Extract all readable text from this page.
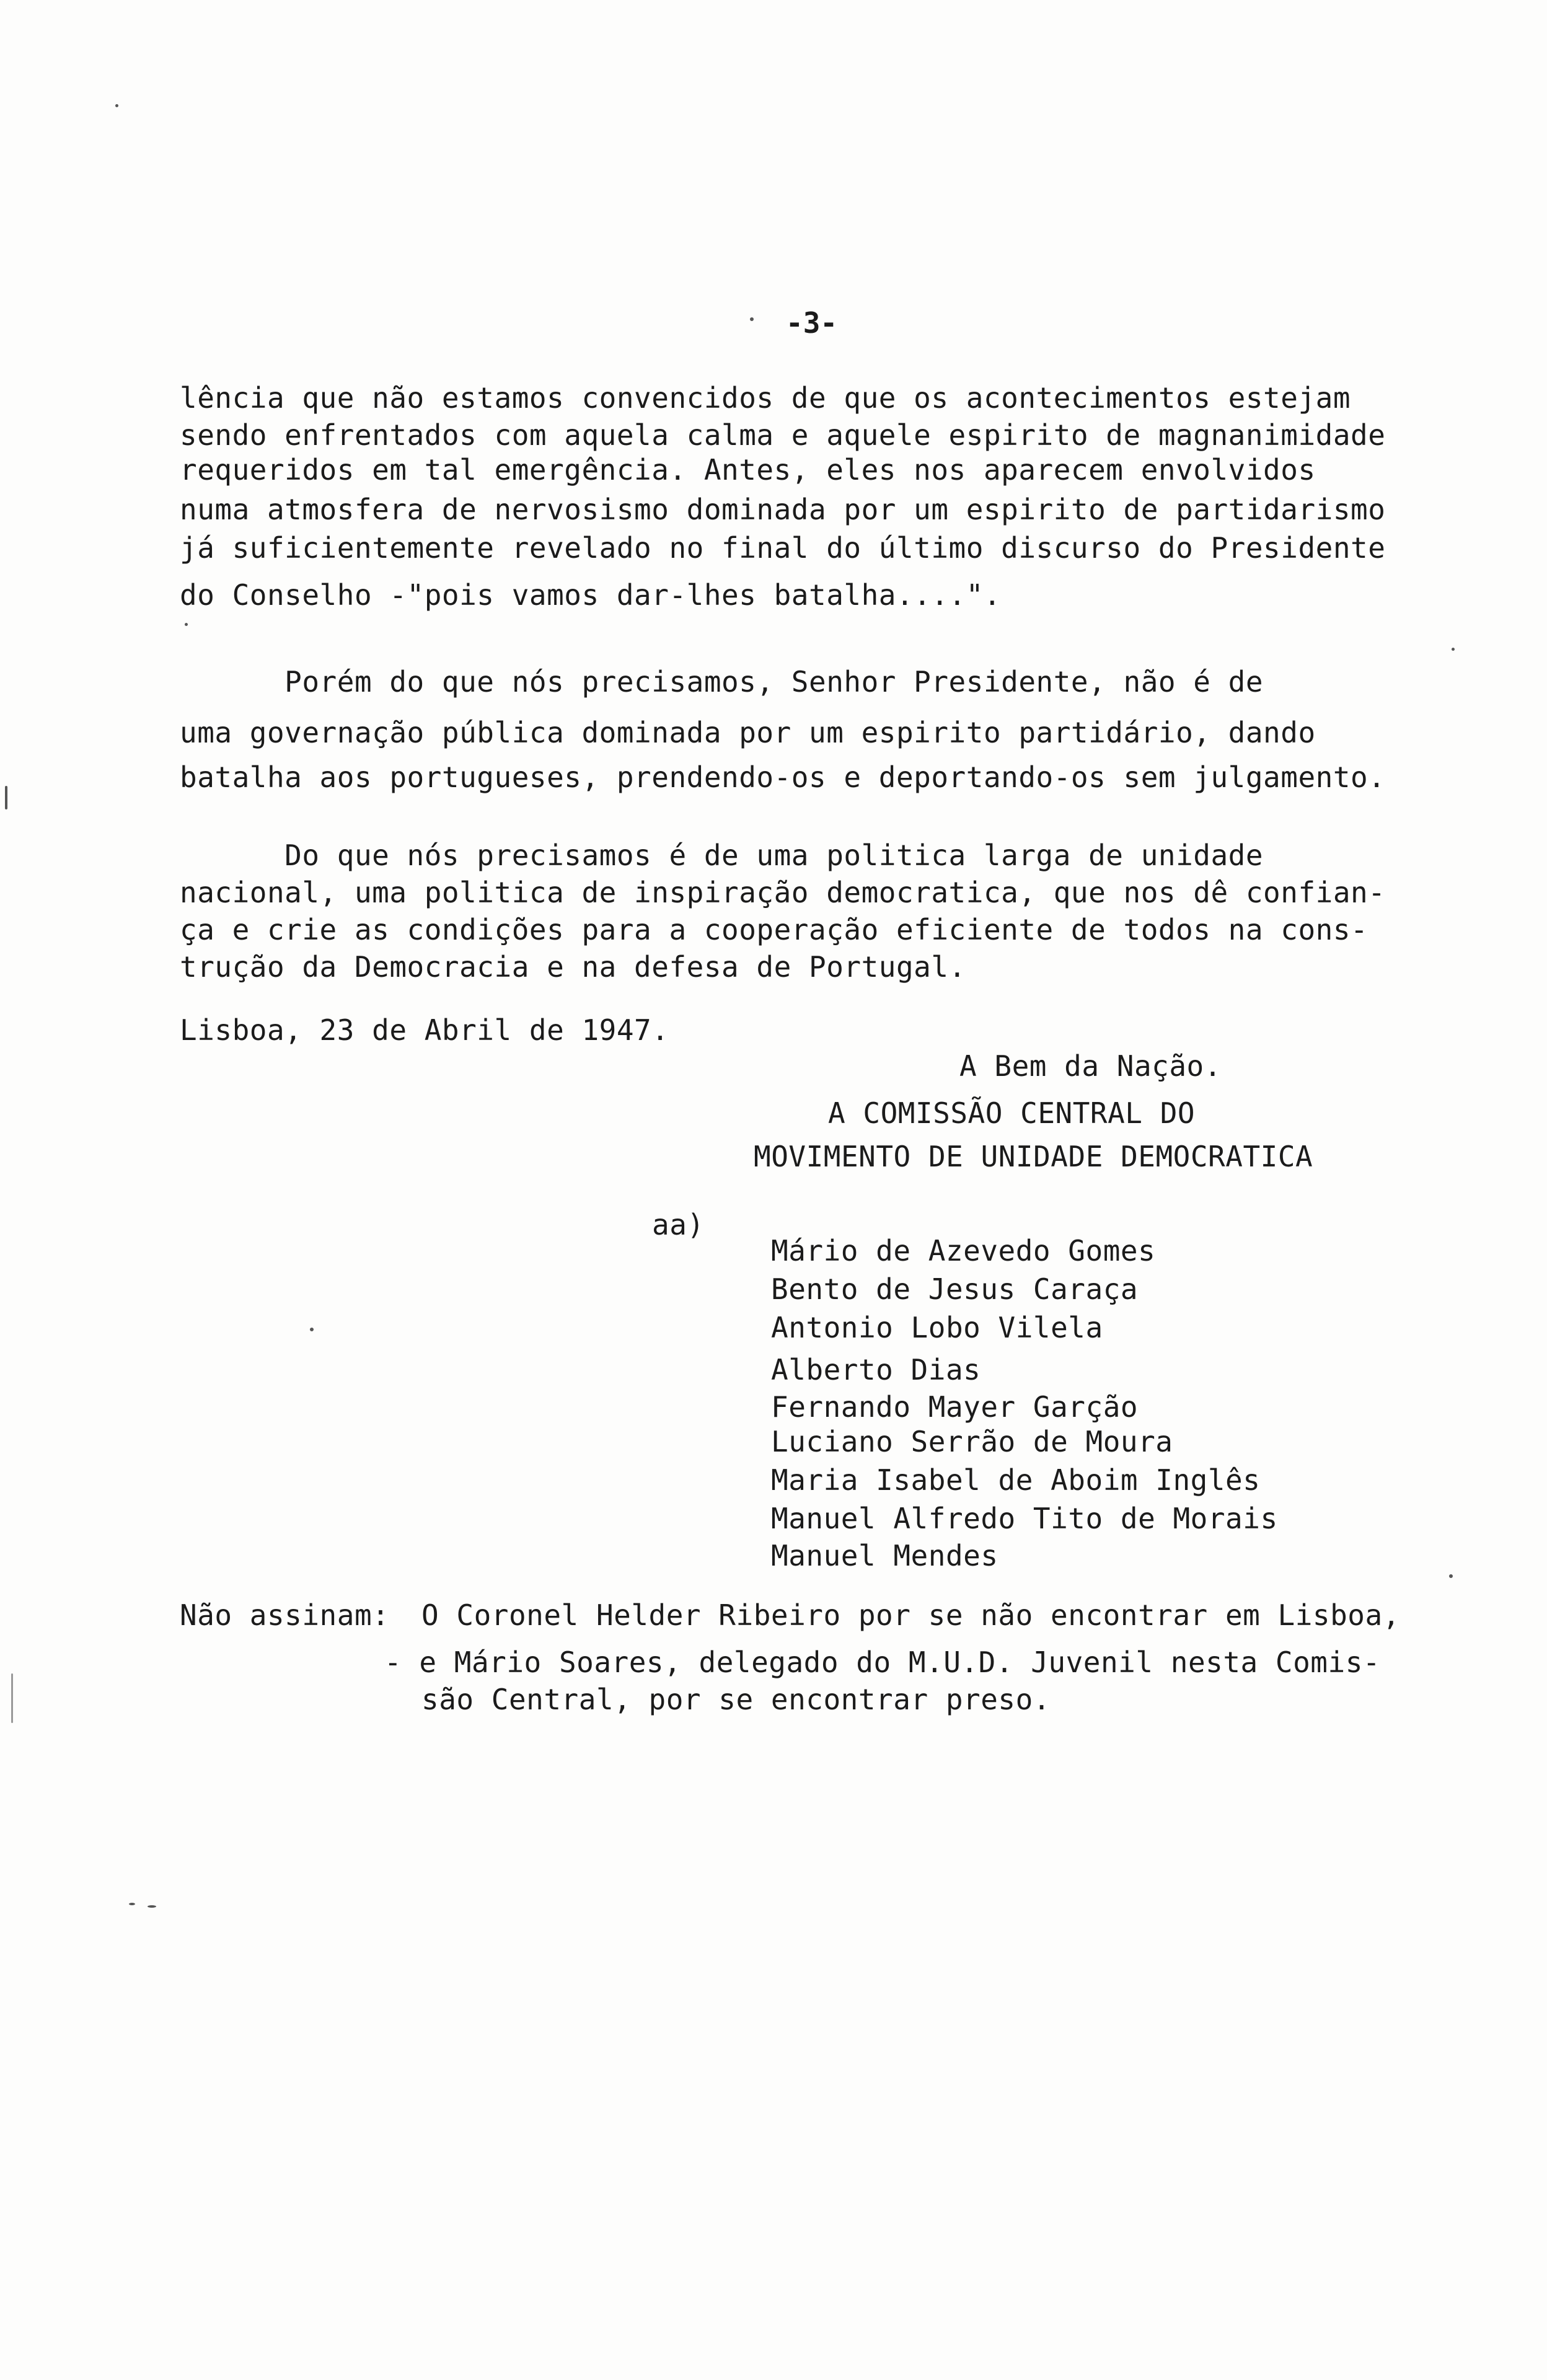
-3-
lência que não estamos convencidos de que os acontecimentos estejam
sendo enfrentados com aquela calma e aquele espirito de magnanimidade
requeridos em tal emergência. Antes, eles nos aparecem envolvidos
numa atmosfera de nervosismo dominada por um espirito de partidarismo
já suficientemente revelado no final do último discurso do Presidente
do Conselho -"pois vamos dar-lhes batalha....".
Porém do que nós precisamos, Senhor Presidente, não é de
uma governação pública dominada por um espirito partidário, dando
batalha aos portugueses, prendendo-os e deportando-os sem julgamento.
Do que nós precisamos é de uma politica larga de unidade
nacional, uma politica de inspiração democratica, que nos dê confian-
ça e crie as condições para a cooperação eficiente de todos na cons-
trução da Democracia e na defesa de Portugal.
Lisboa, 23 de Abril de 1947.
A Bem da Nação.
A COMISSÃO CENTRAL DO
MOVIMENTO DE UNIDADE DEMOCRATICA
aa)
Mário de Azevedo Gomes
Bento de Jesus Caraça
Antonio Lobo Vilela
Alberto Dias
Fernando Mayer Garção
Luciano Serrão de Moura
Maria Isabel de Aboim Inglês
Manuel Alfredo Tito de Morais
Manuel Mendes
Não assinam: O Coronel Helder Ribeiro por se não encontrar em Lisboa,
- e Mário Soares, delegado do M.U.D. Juvenil nesta Comis-
são Central, por se encontrar preso.
